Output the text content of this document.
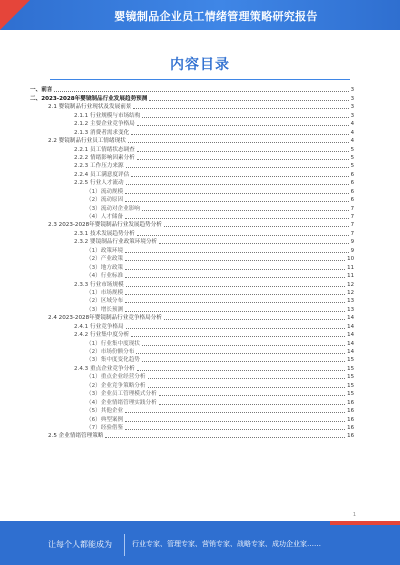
婴镜制品企业员工情绪管理策略研究报告
内容目录
一、前言	3
二、2023-2028年婴镜制品行业发展趋势预测	3
2.1 婴镜制品行业现状及发展前景	3
2.1.1 行业规模与市场结构	3
2.1.2 主要企业竞争格局	4
2.1.3 消费者需求变化	4
2.2 婴镜制品行业员工情绪现状	4
2.2.1 员工情绪状态调查	5
2.2.2 情绪影响因素分析	5
2.2.3 工作压力来源	5
2.2.4 员工满意度评估	6
2.2.5 行业人才流动	6
（1）流动规模	6
（2）流动原因	6
（3）流动对企业影响	7
（4）人才储备	7
2.3 2023-2028年婴镜制品行业发展趋势分析	7
2.3.1 技术发展趋势分析	7
2.3.2 婴镜制品行业政策环境分析	9
（1）政策环境	9
（2）产业政策	10
（3）地方政策	11
（4）行业标准	11
2.3.3 行业市场规模	12
（1）市场规模	12
（2）区域分布	13
（3）增长预测	13
2.4 2023-2028年婴镜制品行业竞争格局分析	14
2.4.1 行业竞争格局	14
2.4.2 行业集中度分析	14
（1）行业集中度现状	14
（2）市场份额分布	14
（3）集中度变化趋势	15
2.4.3 重点企业竞争分析	15
（1）重点企业经营分析	15
（2）企业竞争策略分析	15
（3）企业员工管理模式分析	15
（4）企业情绪管理实践分析	16
（5）其他企业	16
（6）典型案例	16
（7）经验借鉴	16
2.5 企业情绪管理策略	16
1
让每个人都能成为	行业专家、管理专家、营销专家、战略专家、成功企业家……
